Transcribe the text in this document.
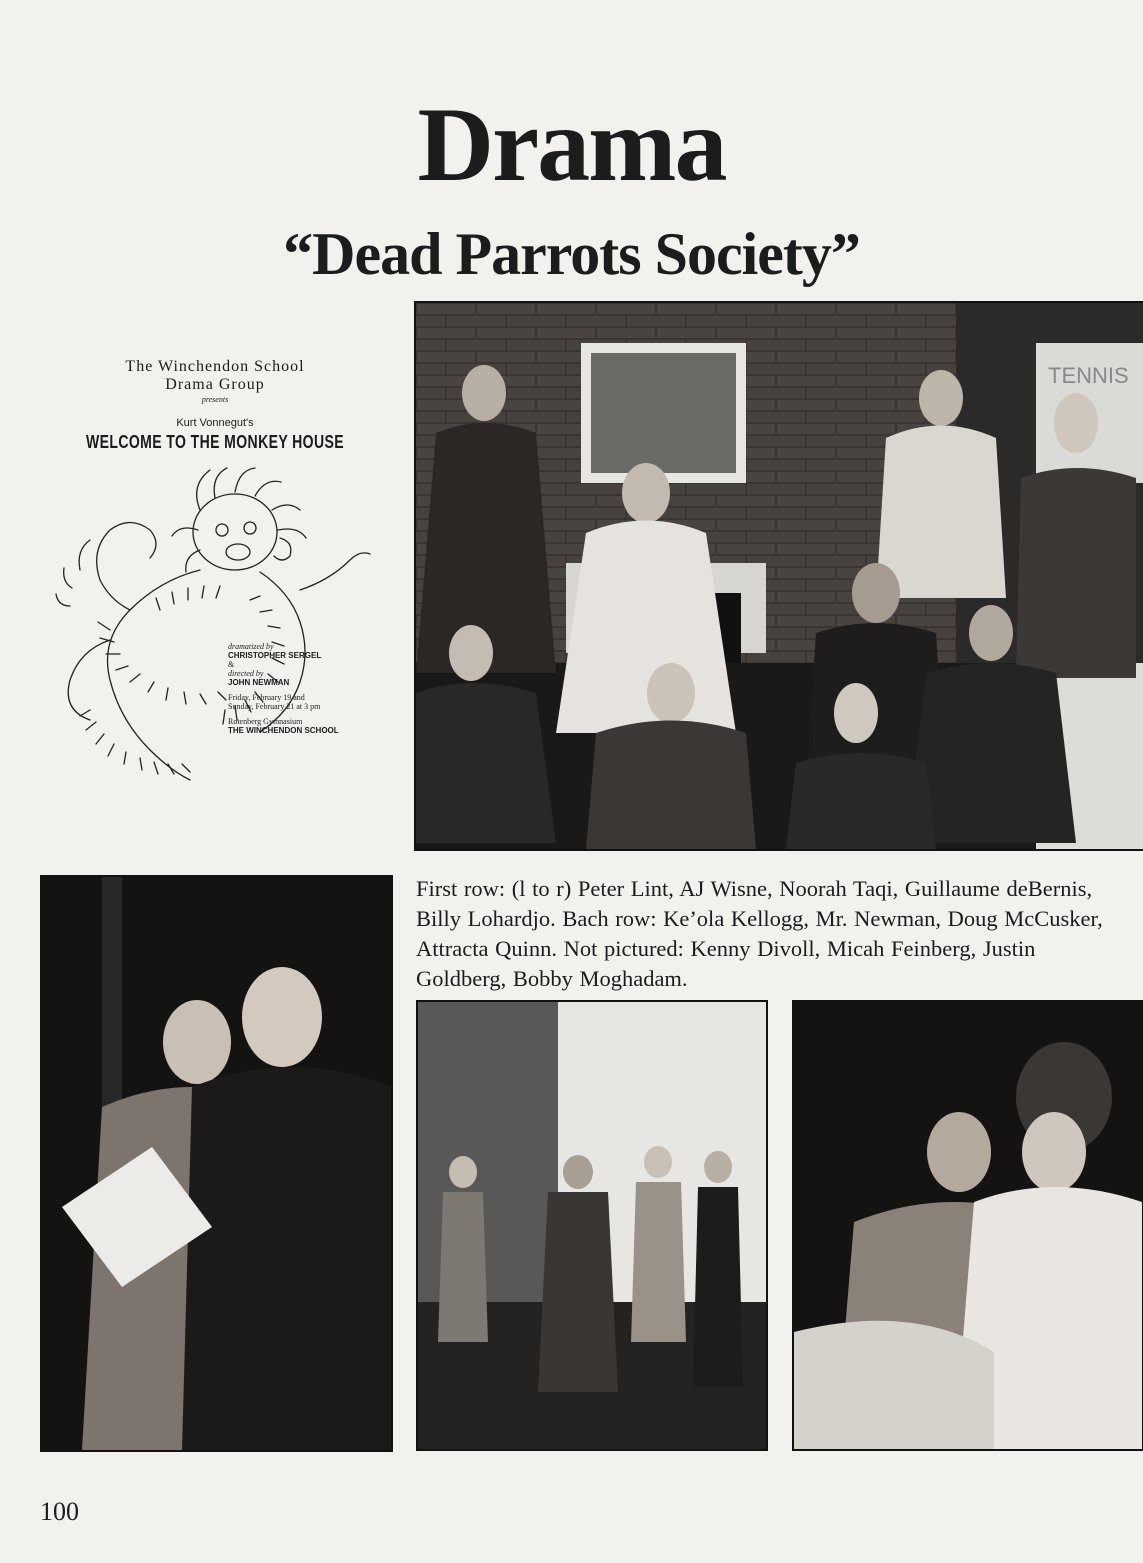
Drama
“Dead Parrots Society”
The Winchendon School
Drama Group
presents
Kurt Vonnegut's
WELCOME TO THE MONKEY HOUSE
dramatized by
CHRISTOPHER SERGEL
&
directed by
JOHN NEWMAN
Friday, February 19 and
Sunday, February 21 at 3 pm
Rotenberg Gymnasium
THE WINCHENDON SCHOOL
TENNIS
First row: (l to r) Peter Lint, AJ Wisne, Noorah Taqi, Guillaume deBernis, Billy Lohardjo. Bach row: Ke’ola Kellogg, Mr. Newman, Doug McCusker, Attracta Quinn. Not pictured: Kenny Divoll, Micah Feinberg, Justin Goldberg, Bobby Moghadam.
100
